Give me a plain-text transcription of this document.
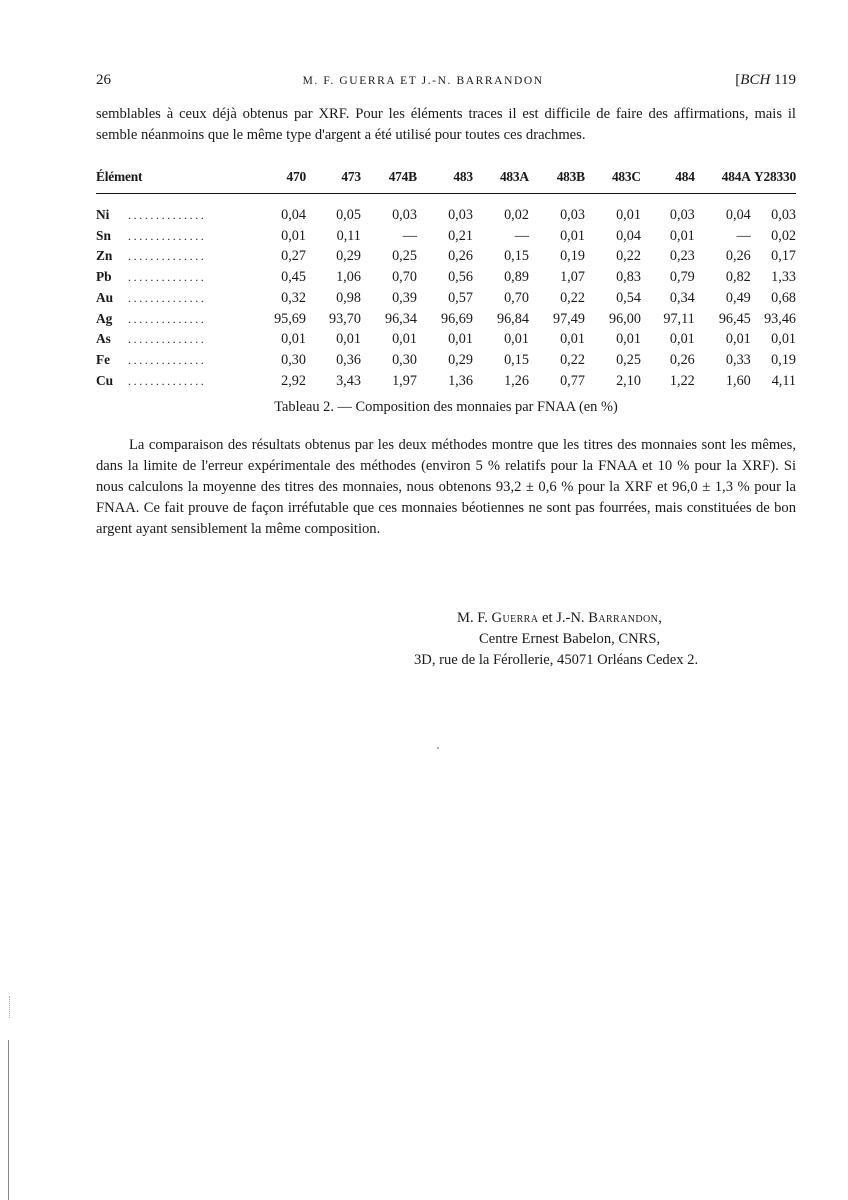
26	M. F. GUERRA ET J.-N. BARRANDON	[BCH 119

semblables à ceux déjà obtenus par XRF. Pour les éléments traces il est difficile de faire des affirmations, mais il semble néanmoins que le même type d'argent a été utilisé pour toutes ces drachmes.

Élément	470	473	474B	483	483A	483B	483C	484	484A	Y28330

Ni ..............	0,04	0,05	0,03	0,03	0,02	0,03	0,01	0,03	0,04	0,03
Sn ..............	0,01	0,11	—	0,21	—	0,01	0,04	0,01	—	0,02
Zn ..............	0,27	0,29	0,25	0,26	0,15	0,19	0,22	0,23	0,26	0,17
Pb ..............	0,45	1,06	0,70	0,56	0,89	1,07	0,83	0,79	0,82	1,33
Au ..............	0,32	0,98	0,39	0,57	0,70	0,22	0,54	0,34	0,49	0,68
Ag ..............	95,69	93,70	96,34	96,69	96,84	97,49	96,00	97,11	96,45	93,46
As ..............	0,01	0,01	0,01	0,01	0,01	0,01	0,01	0,01	0,01	0,01
Fe ..............	0,30	0,36	0,30	0,29	0,15	0,22	0,25	0,26	0,33	0,19
Cu ..............	2,92	3,43	1,97	1,36	1,26	0,77	2,10	1,22	1,60	4,11
Tableau 2. — Composition des monnaies par FNAA (en %)

La comparaison des résultats obtenus par les deux méthodes montre que les titres des monnaies sont les mêmes, dans la limite de l'erreur expérimentale des méthodes (environ 5 % relatifs pour la FNAA et 10 % pour la XRF). Si nous calculons la moyenne des titres des monnaies, nous obtenons 93,2 ± 0,6 % pour la XRF et 96,0 ± 1,3 % pour la FNAA. Ce fait prouve de façon irréfutable que ces monnaies béotiennes ne sont pas fourrées, mais constituées de bon argent ayant sensiblement la même composition.

M. F. Guerra et J.-N. Barrandon,
Centre Ernest Babelon, CNRS,
3D, rue de la Férollerie, 45071 Orléans Cedex 2.
